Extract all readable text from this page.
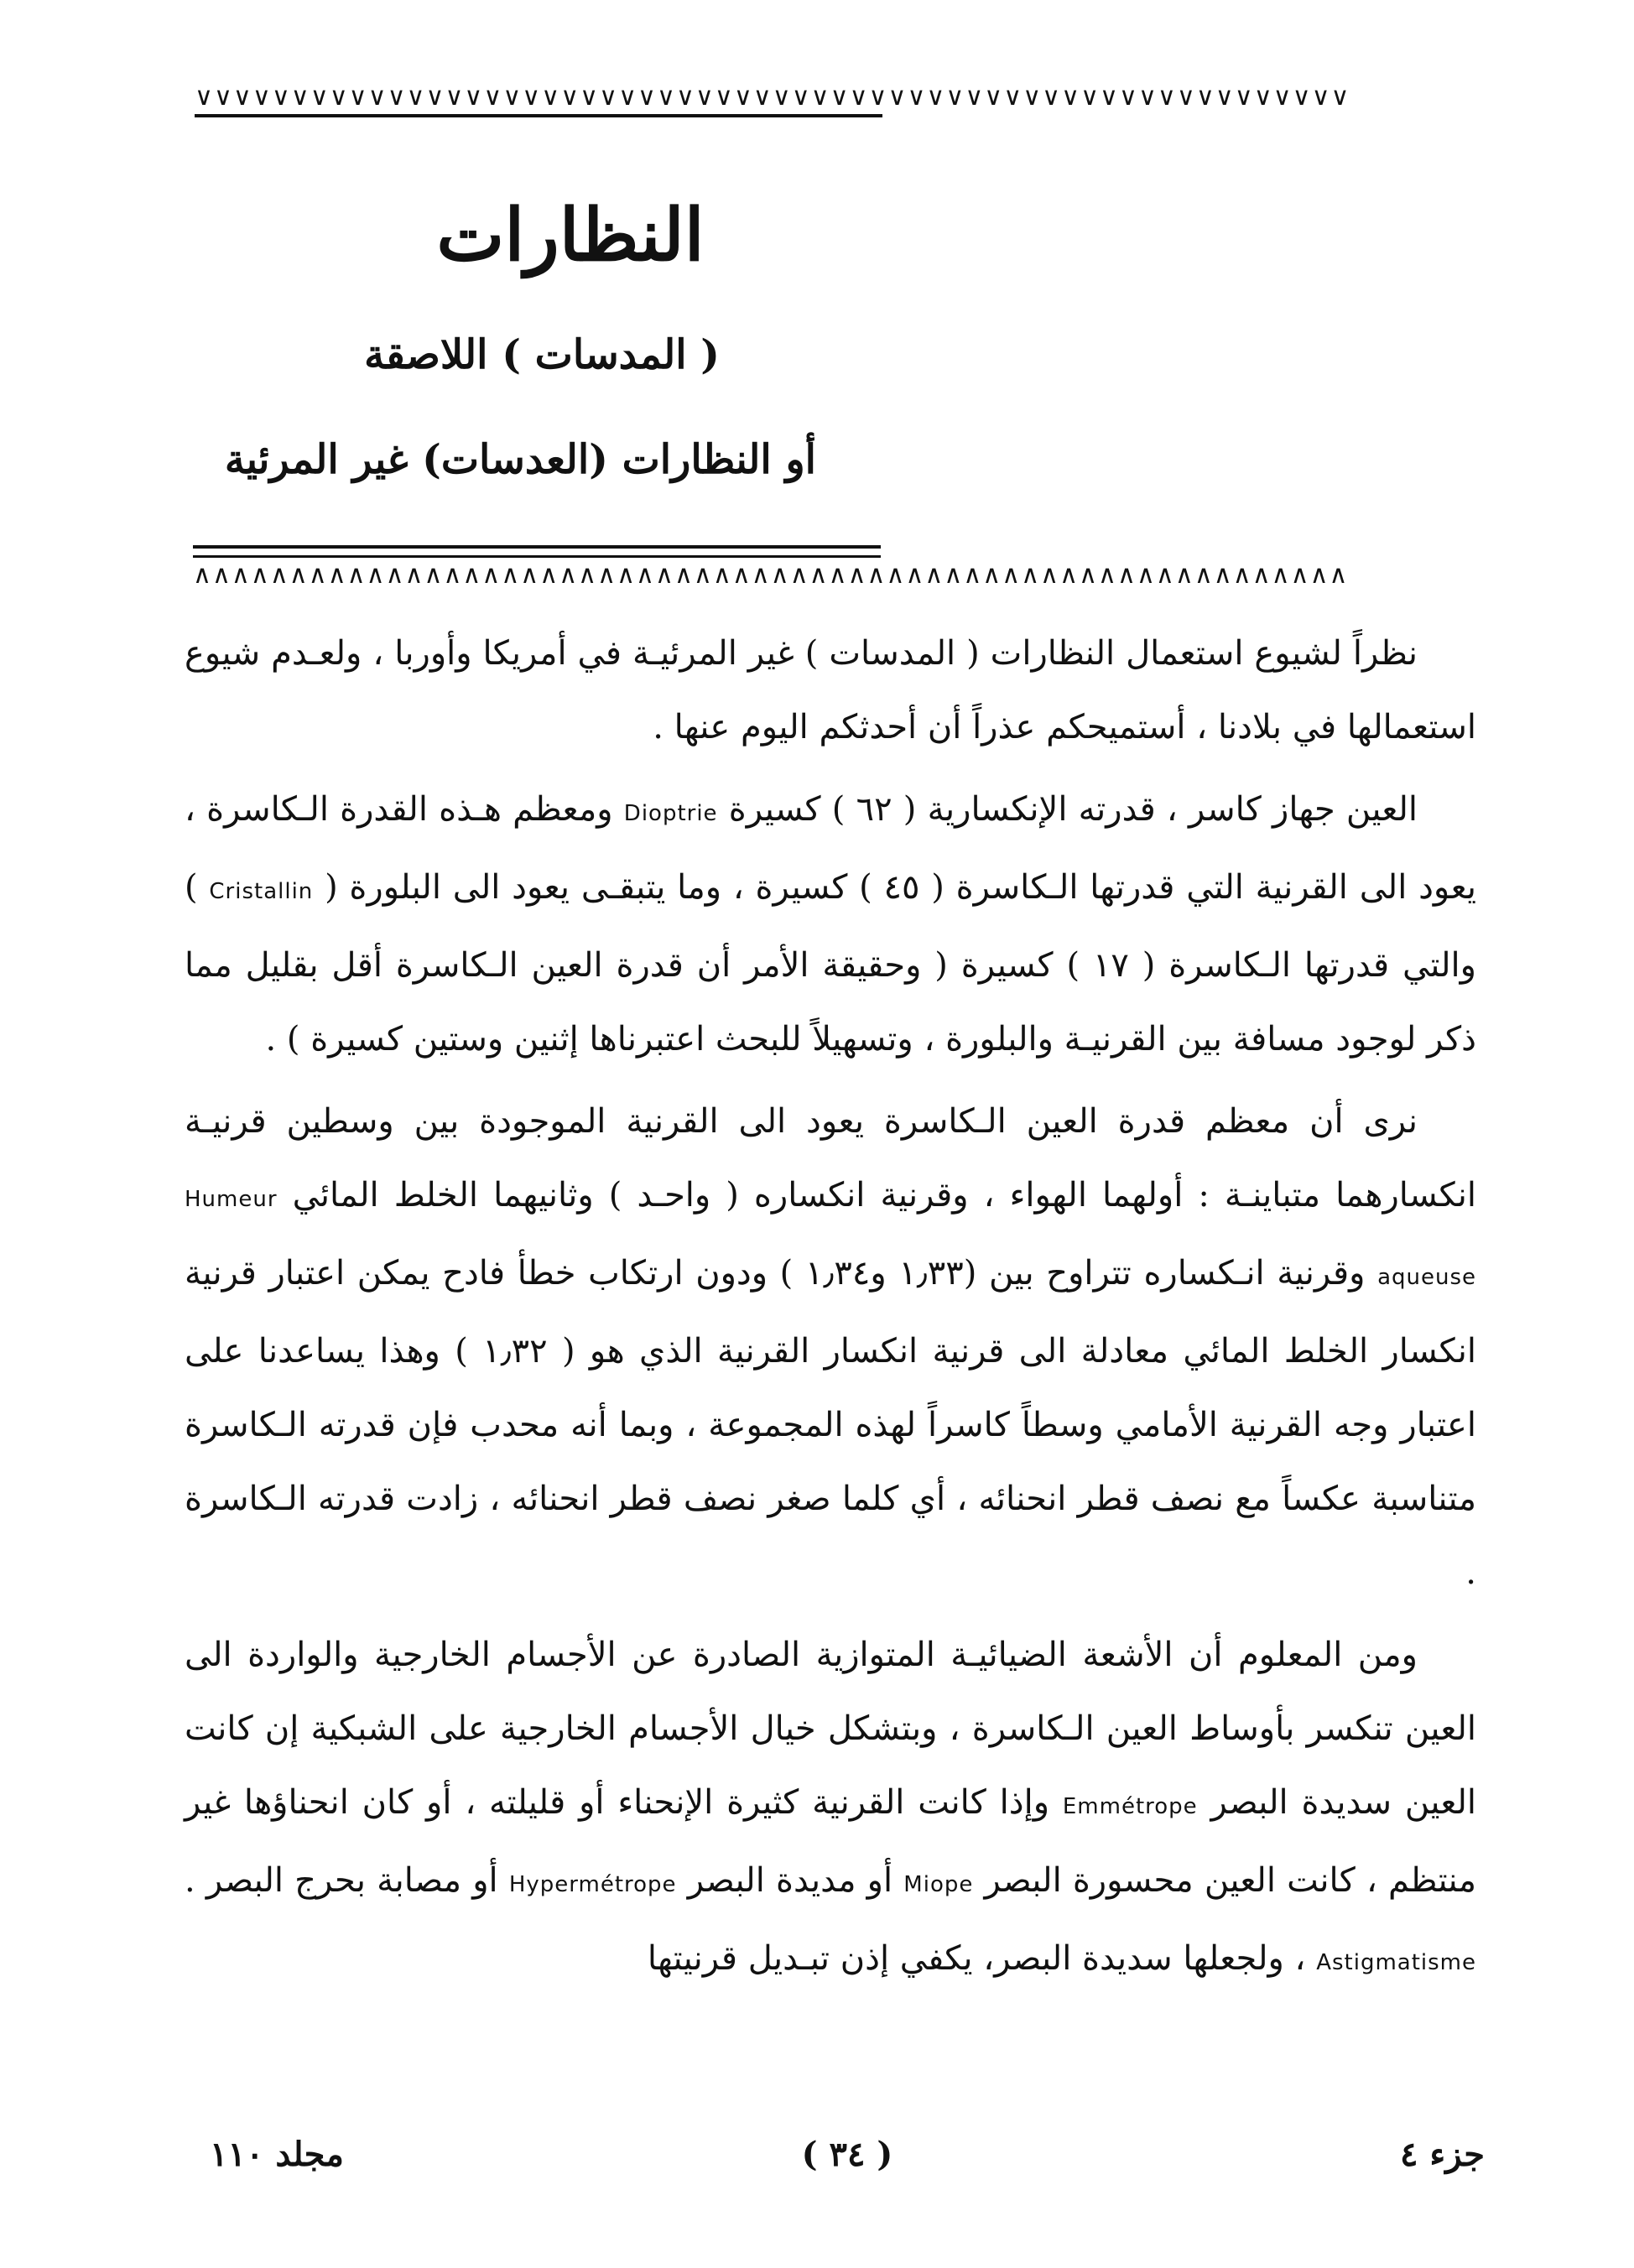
∨∨∨∨∨∨∨∨∨∨∨∨∨∨∨∨∨∨∨∨∨∨∨∨∨∨∨∨∨∨∨∨∨∨∨∨∨∨∨∨∨∨∨∨∨∨∨∨∨∨∨∨∨∨∨∨∨∨∨∨
النظارات
( المدسات ) اللاصقة
أو النظارات (العدسات) غير المرئية
∧∧∧∧∧∧∧∧∧∧∧∧∧∧∧∧∧∧∧∧∧∧∧∧∧∧∧∧∧∧∧∧∧∧∧∧∧∧∧∧∧∧∧∧∧∧∧∧∧∧∧∧∧∧∧∧∧∧∧∧

نظراً لشيوع استعمال النظارات ( المدسات ) غير المرئيـة في أمريكا وأوربا ، ولعـدم شيوع استعمالها في بلادنا ، أستميحكم عذراً أن أحدثكم اليوم عنها .

العين جهاز كاسر ، قدرته الإنكسارية ( ٦٢ ) كسيرة Dioptrie ومعظم هـذه القدرة الـكاسرة ، يعود الى القرنية التي قدرتها الـكاسرة ( ٤٥ ) كسيرة ، وما يتبقـى يعود الى البلورة ( Cristallin ) والتي قدرتها الـكاسرة ( ١٧ ) كسيرة ( وحقيقة الأمر أن قدرة العين الـكاسرة أقل بقليل مما ذكر لوجود مسافة بين القرنيـة والبلورة ، وتسهيلاً للبحث اعتبرناها إثنين وستين كسيرة ) .

نرى أن معظم قدرة العين الـكاسرة يعود الى القرنية الموجودة بين وسطين قرنيـة انكسارهما متباينـة : أولهما الهواء ، وقرنية انكساره ( واحـد ) وثانيهما الخلط المائي Humeur aqueuse وقرنية انـكساره تتراوح بين (١٫٣٣ و١٫٣٤ ) ودون ارتكاب خطأ فادح يمكن اعتبار قرنية انكسار الخلط المائي معادلة الى قرنية انكسار القرنية الذي هو ( ١٫٣٢ ) وهذا يساعدنا على اعتبار وجه القرنية الأمامي وسطاً كاسراً لهذه المجموعة ، وبما أنه محدب فإن قدرته الـكاسرة متناسبة عكساً مع نصف قطر انحنائه ، أي كلما صغر نصف قطر انحنائه ، زادت قدرته الـكاسرة .

ومن المعلوم أن الأشعة الضيائيـة المتوازية الصادرة عن الأجسام الخارجية والواردة الى العين تنكسر بأوساط العين الـكاسرة ، وبتشكل خيال الأجسام الخارجية على الشبكية إن كانت العين سديدة البصر Emmétrope وإذا كانت القرنية كثيرة الإنحناء أو قليلته ، أو كان انحناؤها غير منتظم ، كانت العين محسورة البصر Miope أو مديدة البصر Hypermétrope أو مصابة بحرج البصر . Astigmatisme ، ولجعلها سديدة البصر، يكفي إذن تبـديل قرنيتها

جزء ٤
( ٣٤ )
مجلد ١١٠
